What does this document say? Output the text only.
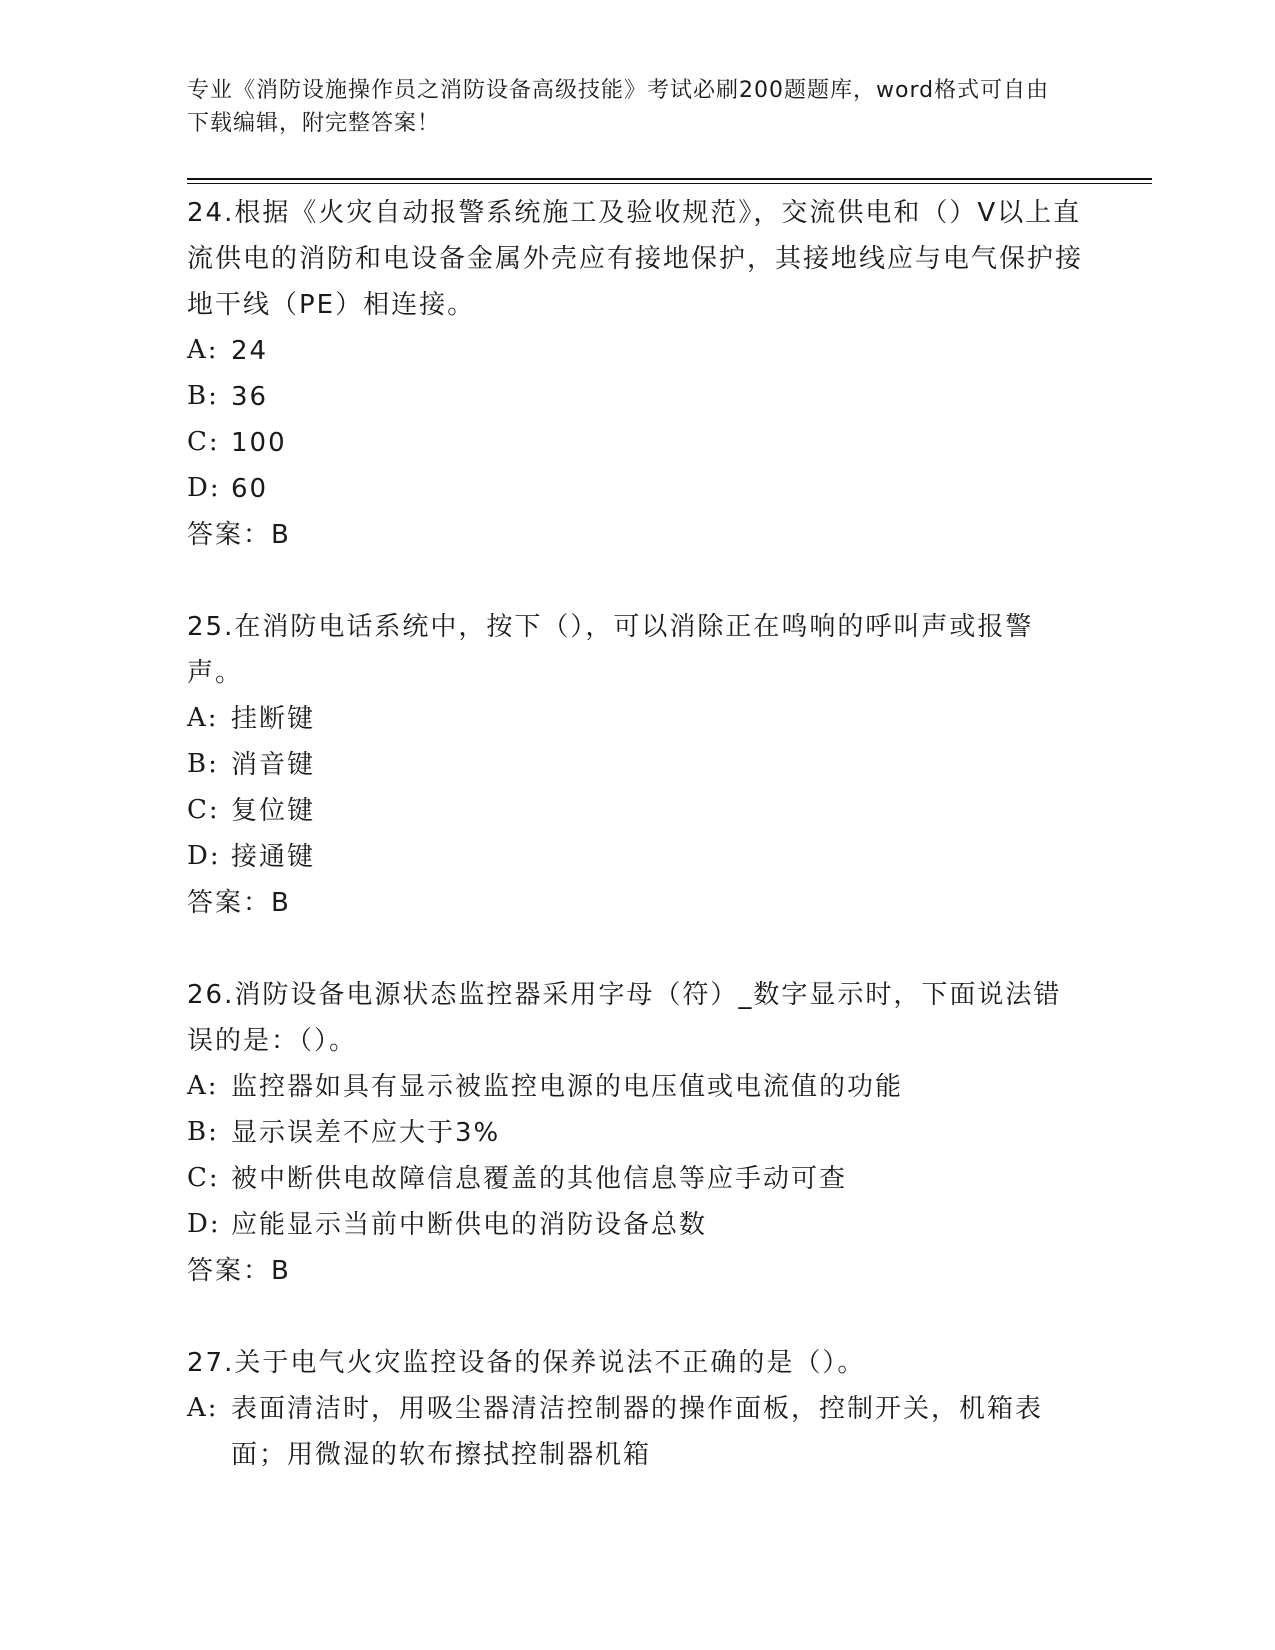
专业《消防设施操作员之消防设备高级技能》考试必刷200题题库，word格式可自由下载编辑，附完整答案！

24.根据《火灾自动报警系统施工及验收规范》，交流供电和（）V以上直流供电的消防和电设备金属外壳应有接地保护，其接地线应与电气保护接地干线（PE）相连接。

A: 24
B: 36
C: 100
D: 60

答案：B

25.在消防电话系统中，按下（），可以消除正在鸣响的呼叫声或报警声。

A: 挂断键
B: 消音键
C: 复位键
D: 接通键

答案：B

26.消防设备电源状态监控器采用字母（符）_数字显示时，下面说法错误的是：（）。

A: 监控器如具有显示被监控电源的电压值或电流值的功能
B: 显示误差不应大于3%
C: 被中断供电故障信息覆盖的其他信息等应手动可查
D: 应能显示当前中断供电的消防设备总数

答案：B

27.关于电气火灾监控设备的保养说法不正确的是（）。

A: 表面清洁时，用吸尘器清洁控制器的操作面板，控制开关，机箱表面；用微湿的软布擦拭控制器机箱
